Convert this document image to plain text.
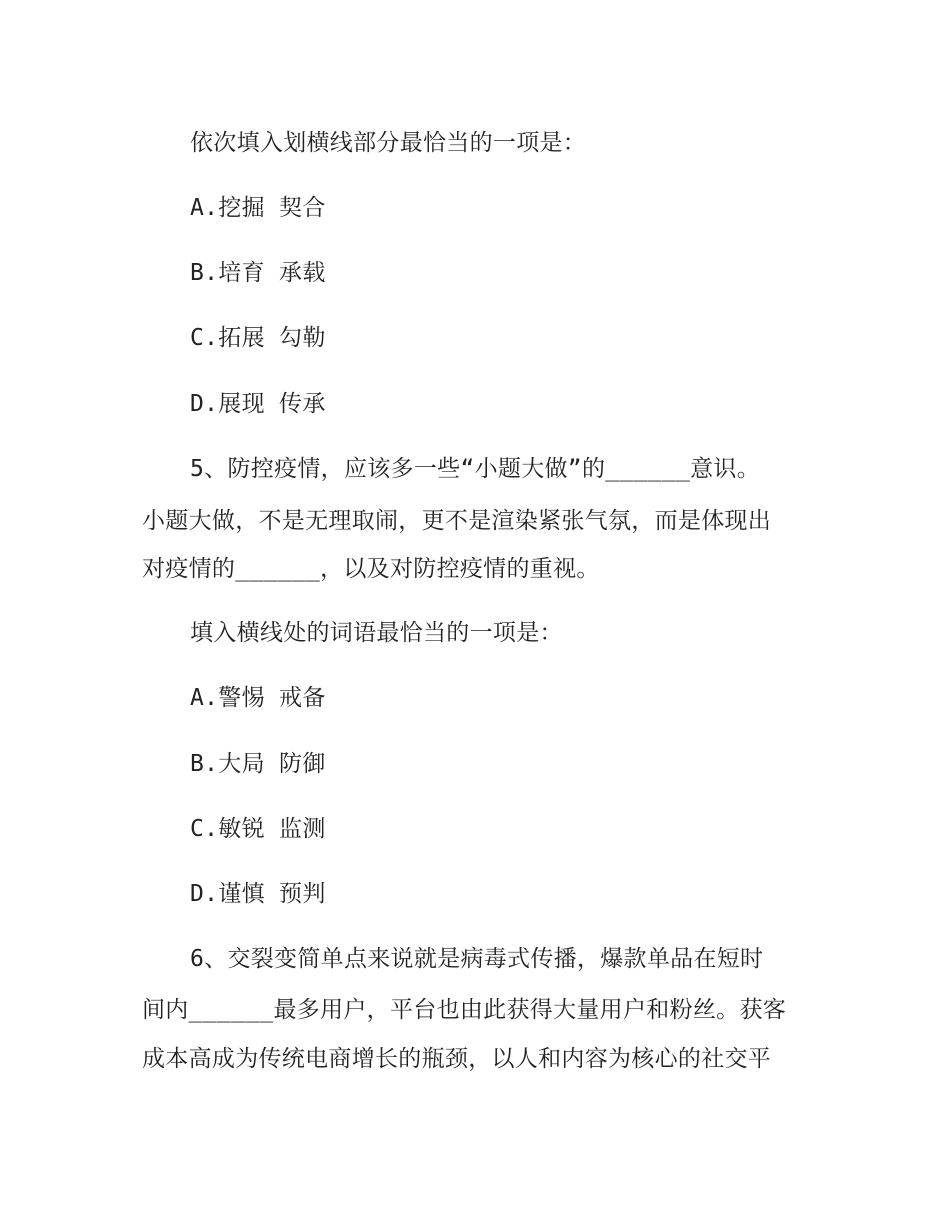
依次填入划横线部分最恰当的一项是：
A.挖掘 契合
B.培育 承载
C.拓展 勾勒
D.展现 传承
5、防控疫情，应该多一些“小题大做”的______意识。
小题大做，不是无理取闹，更不是渲染紧张气氛，而是体现出
对疫情的______，以及对防控疫情的重视。
填入横线处的词语最恰当的一项是：
A.警惕 戒备
B.大局 防御
C.敏锐 监测
D.谨慎 预判
6、交裂变简单点来说就是病毒式传播，爆款单品在短时
间内______最多用户，平台也由此获得大量用户和粉丝。获客
成本高成为传统电商增长的瓶颈，以人和内容为核心的社交平
